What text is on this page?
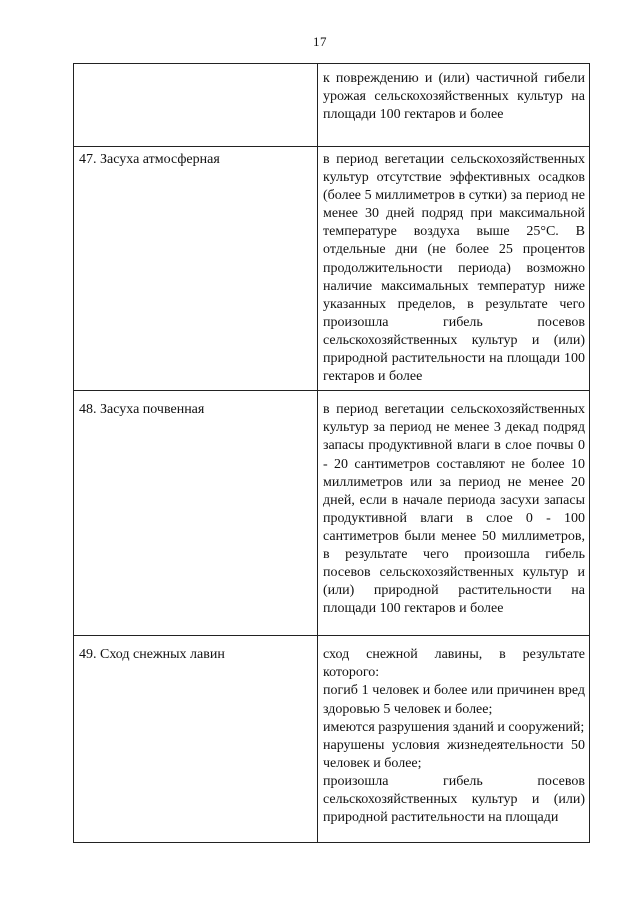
17

	к повреждению и (или) частичной гибели урожая сельскохозяйственных культур на площади 100 гектаров и более

47. Засуха атмосферная	в период вегетации сельскохозяйственных культур отсутствие эффективных осадков (более 5 миллиметров в сутки) за период не менее 30 дней подряд при максимальной температуре воздуха выше 25°С. В отдельные дни (не более 25 процентов продолжительности периода) возможно наличие максимальных температур ниже указанных пределов, в результате чего произошла гибель посевов сельскохозяйственных культур и (или) природной растительности на площади 100 гектаров и более

48. Засуха почвенная	в период вегетации сельскохозяйственных культур за период не менее 3 декад подряд запасы продуктивной влаги в слое почвы 0 - 20 сантиметров составляют не более 10 миллиметров или за период не менее 20 дней, если в начале периода засухи запасы продуктивной влаги в слое 0 - 100 сантиметров были менее 50 миллиметров, в результате чего произошла гибель посевов сельскохозяйственных культур и (или) природной растительности на площади 100 гектаров и более

49. Сход снежных лавин	сход снежной лавины, в результате которого:

погиб 1 человек и более или причинен вред здоровью 5 человек и более;

имеются разрушения зданий и сооружений;

нарушены условия жизнедеятельности 50 человек и более;

произошла гибель посевов сельскохозяйственных культур и (или) природной растительности на площади
